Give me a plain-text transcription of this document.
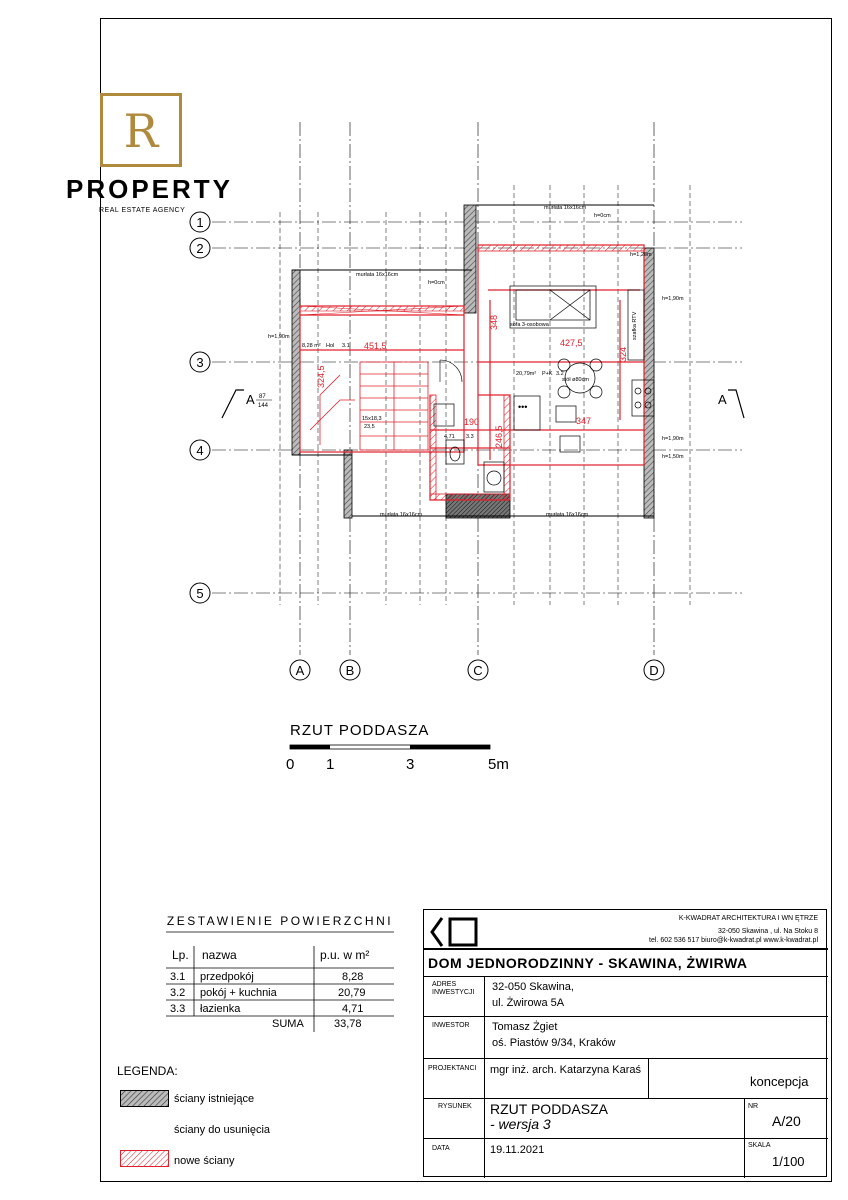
R
PROPERTY
REAL ESTATE AGENCY
1
2
3
4
5
A	B	C	D
A	A
87
144
murłata 16x16cm
h=0cm
murłata 16x16cm
h=0cm
h=1,26m
h=1,90m
h=1,90m
h=1,90m
h=1,50m
sofa 3-osobowa
8,28 m² Hol 3.1
20,79m² P+K 3.2
stół ø80cm
15x18,3
23,5
4,71 3.3
murłata 16x16cm
murłata 16x16cm
451,5	427,5
347
190
348
324
324,5
246,5
szafka RTV
•••
RZUT PODDASZA
0 1	3	5m
ZESTAWIENIE POWIERZCHNI
Lp. nazwa	p.u. w m²
3.1 przedpokój	8,28
3.2 pokój + kuchnia	20,79
3.3 łazienka	4,71
SUMA	33,78
LEGENDA:
ściany istniejące
ściany do usunięcia
nowe ściany
K-KWADRAT ARCHITEKTURA I WN ĘTRZE
32-050 Skawina , ul. Na Stoku 8
tel. 602 536 517 biuro@k-kwadrat.pl www.k-kwadrat.pl
DOM JEDNORODZINNY - SKAWINA, ŻWIRWA
ADRES INWESTYCJI	32-050 Skawina,
ul. Żwirowa 5A
INWESTOR Tomasz Żgiet
oś. Piastów 9/34, Kraków
PROJEKTANCI mgr inż. arch. Katarzyna Karaś
koncepcja
RYSUNEK RZUT PODDASZA
- wersja 3
NR
A/20
DATA	19.11.2021	SKALA
1/100
